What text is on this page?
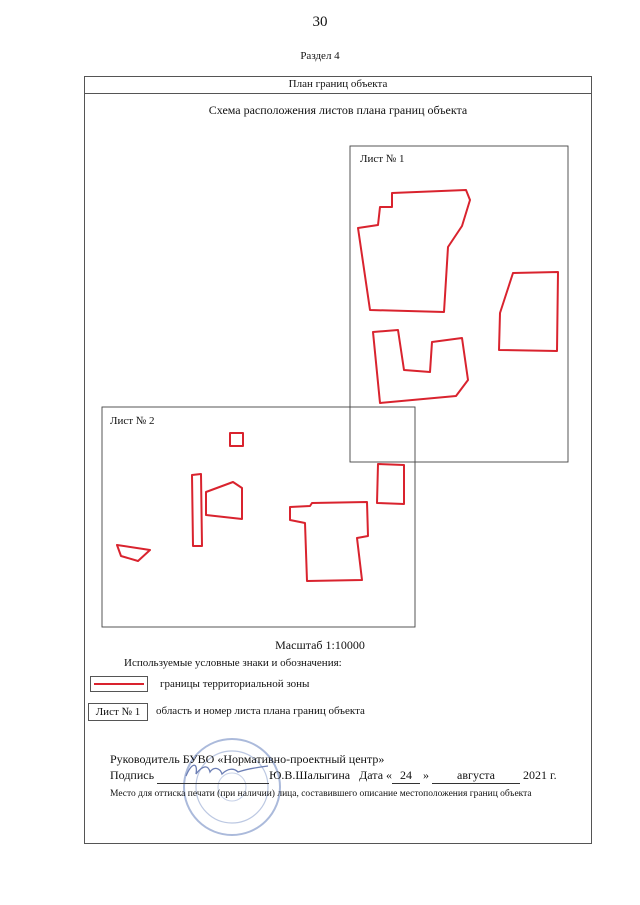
30
Раздел 4
План границ объекта
Схема расположения листов плана границ объекта
Лист № 1
Лист № 2
Масштаб 1:10000
Используемые условные знаки и обозначения:
границы территориальной зоны
Лист № 1	область и номер листа плана границ объекта
Руководитель БУВО «Нормативно-проектный центр»
Подпись	Ю.В.Шалыгина Дата « 24 » августа 2021 г.
Место для оттиска печати (при наличии) лица, составившего описание местоположения границ объекта
